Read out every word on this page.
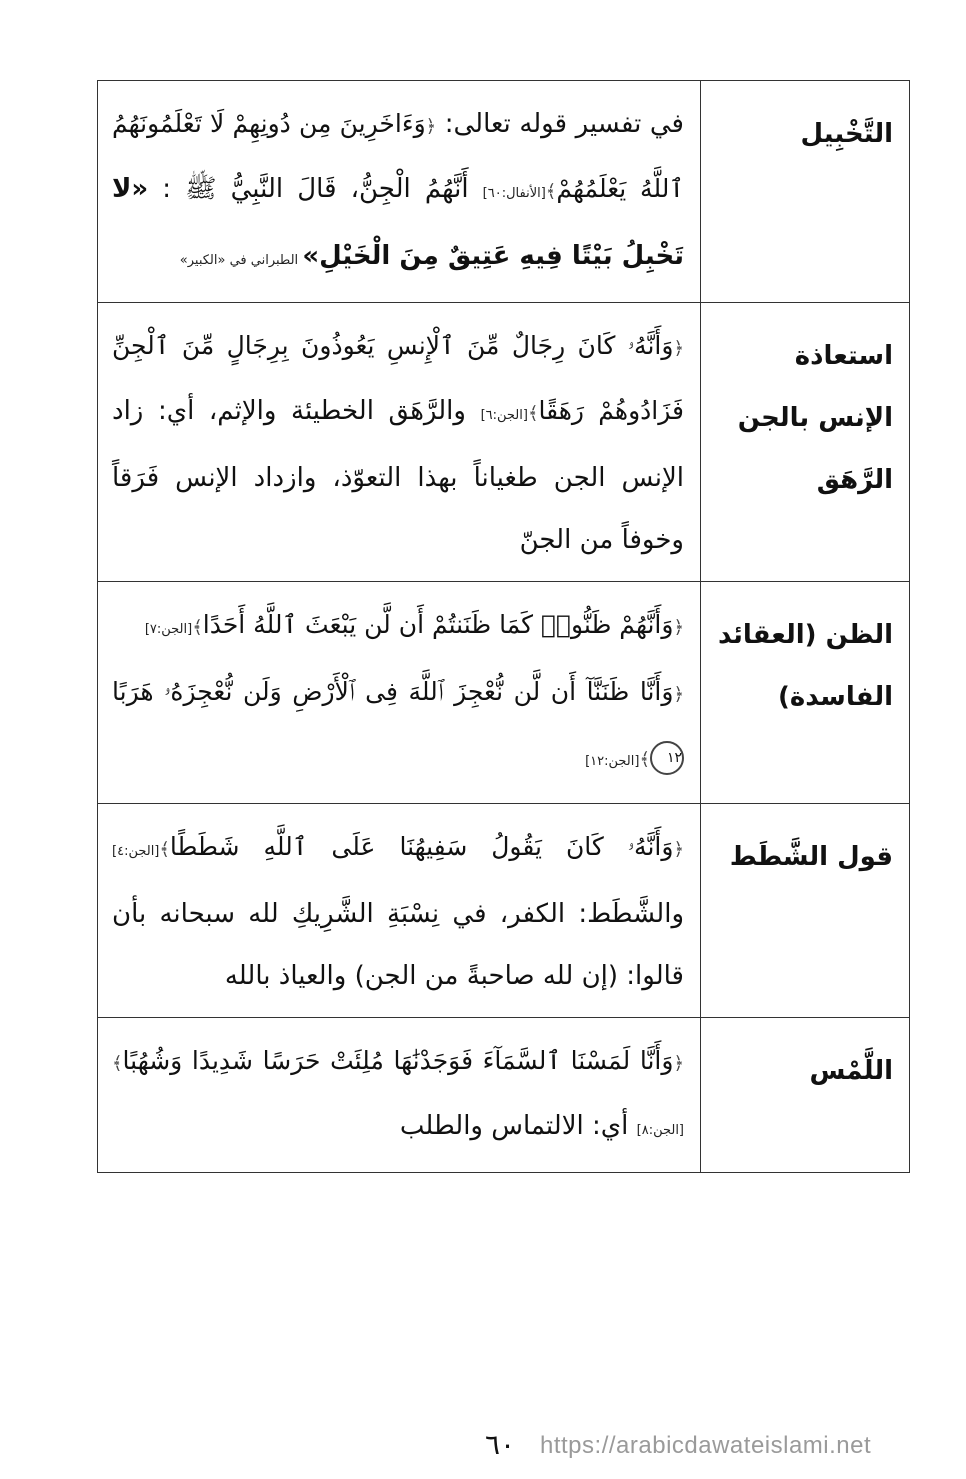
التَّخْبِيل	في تفسير قوله تعالى: ﴿وَءَاخَرِينَ مِن دُونِهِمْ لَا تَعْلَمُونَهُمُ ٱللَّهُ يَعْلَمُهُمْ﴾[الأنفال:٦٠] أَنَّهُمُ الْجِنُّ، قَالَ النَّبِيُّ ﷺ : «لا تَخْبِلُ بَيْتًا فِيهِ عَتِيقٌ مِنَ الْخَيْلِ» الطبراني في «الكبير»
استعاذة الإنس بالجن الرَّهَق	﴿وَأَنَّهُۥ كَانَ رِجَالٌ مِّنَ ٱلْإِنسِ يَعُوذُونَ بِرِجَالٍ مِّنَ ٱلْجِنِّ فَزَادُوهُمْ رَهَقًا﴾[الجن:٦] والرَّهَق الخطيئة والإثم، أي: زاد الإنس الجن طغياناً بهذا التعوّذ، وازداد الإنس فَرَقاً وخوفاً من الجنّ
الظن (العقائد الفاسدة)	﴿وَأَنَّهُمْ ظَنُّوا۟ كَمَا ظَنَنتُمْ أَن لَّن يَبْعَثَ ٱللَّهُ أَحَدًا﴾[الجن:٧]
﴿وَأَنَّا ظَنَنَّآ أَن لَّن نُّعْجِزَ ٱللَّهَ فِى ٱلْأَرْضِ وَلَن نُّعْجِزَهُۥ هَرَبًا١٢﴾[الجن:١٢]
قول الشَّطَط	﴿وَأَنَّهُۥ كَانَ يَقُولُ سَفِيهُنَا عَلَى ٱللَّهِ شَطَطًا﴾[الجن:٤] والشَّطَط: الكفر، في نِسْبَةِ الشَّرِيكِ لله سبحانه بأن قالوا: (إن لله صاحبةً من الجن) والعياذ بالله
اللَّمْس	﴿وَأَنَّا لَمَسْنَا ٱلسَّمَآءَ فَوَجَدْنَٰهَا مُلِئَتْ حَرَسًا شَدِيدًا وَشُهُبًا﴾[الجن:٨] أي: الالتماس والطلب
٦٠ https://arabicdawateislami.net
